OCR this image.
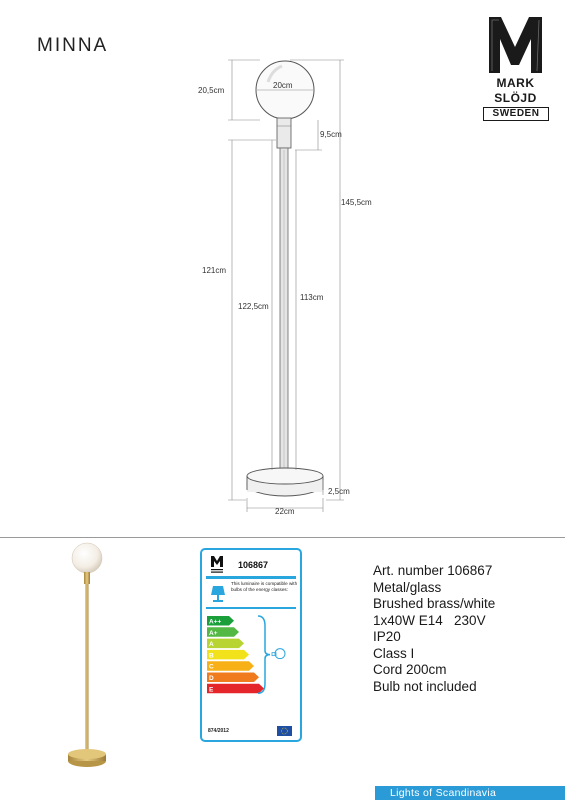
MINNA
MARK
SLÖJD
SWEDEN
20,5cm
20cm
9,5cm
145,5cm
121cm
122,5cm
113cm
2,5cm
22cm
106867
This luminaire is compatible with bulbs of the energy classes:
A++
A+
A
B
C
D
E
874/2012
Art. number 106867
Metal/glass
Brushed brass/white
1x40W E14   230V
IP20
Class I
Cord 200cm
Bulb not included
Lights of Scandinavia
